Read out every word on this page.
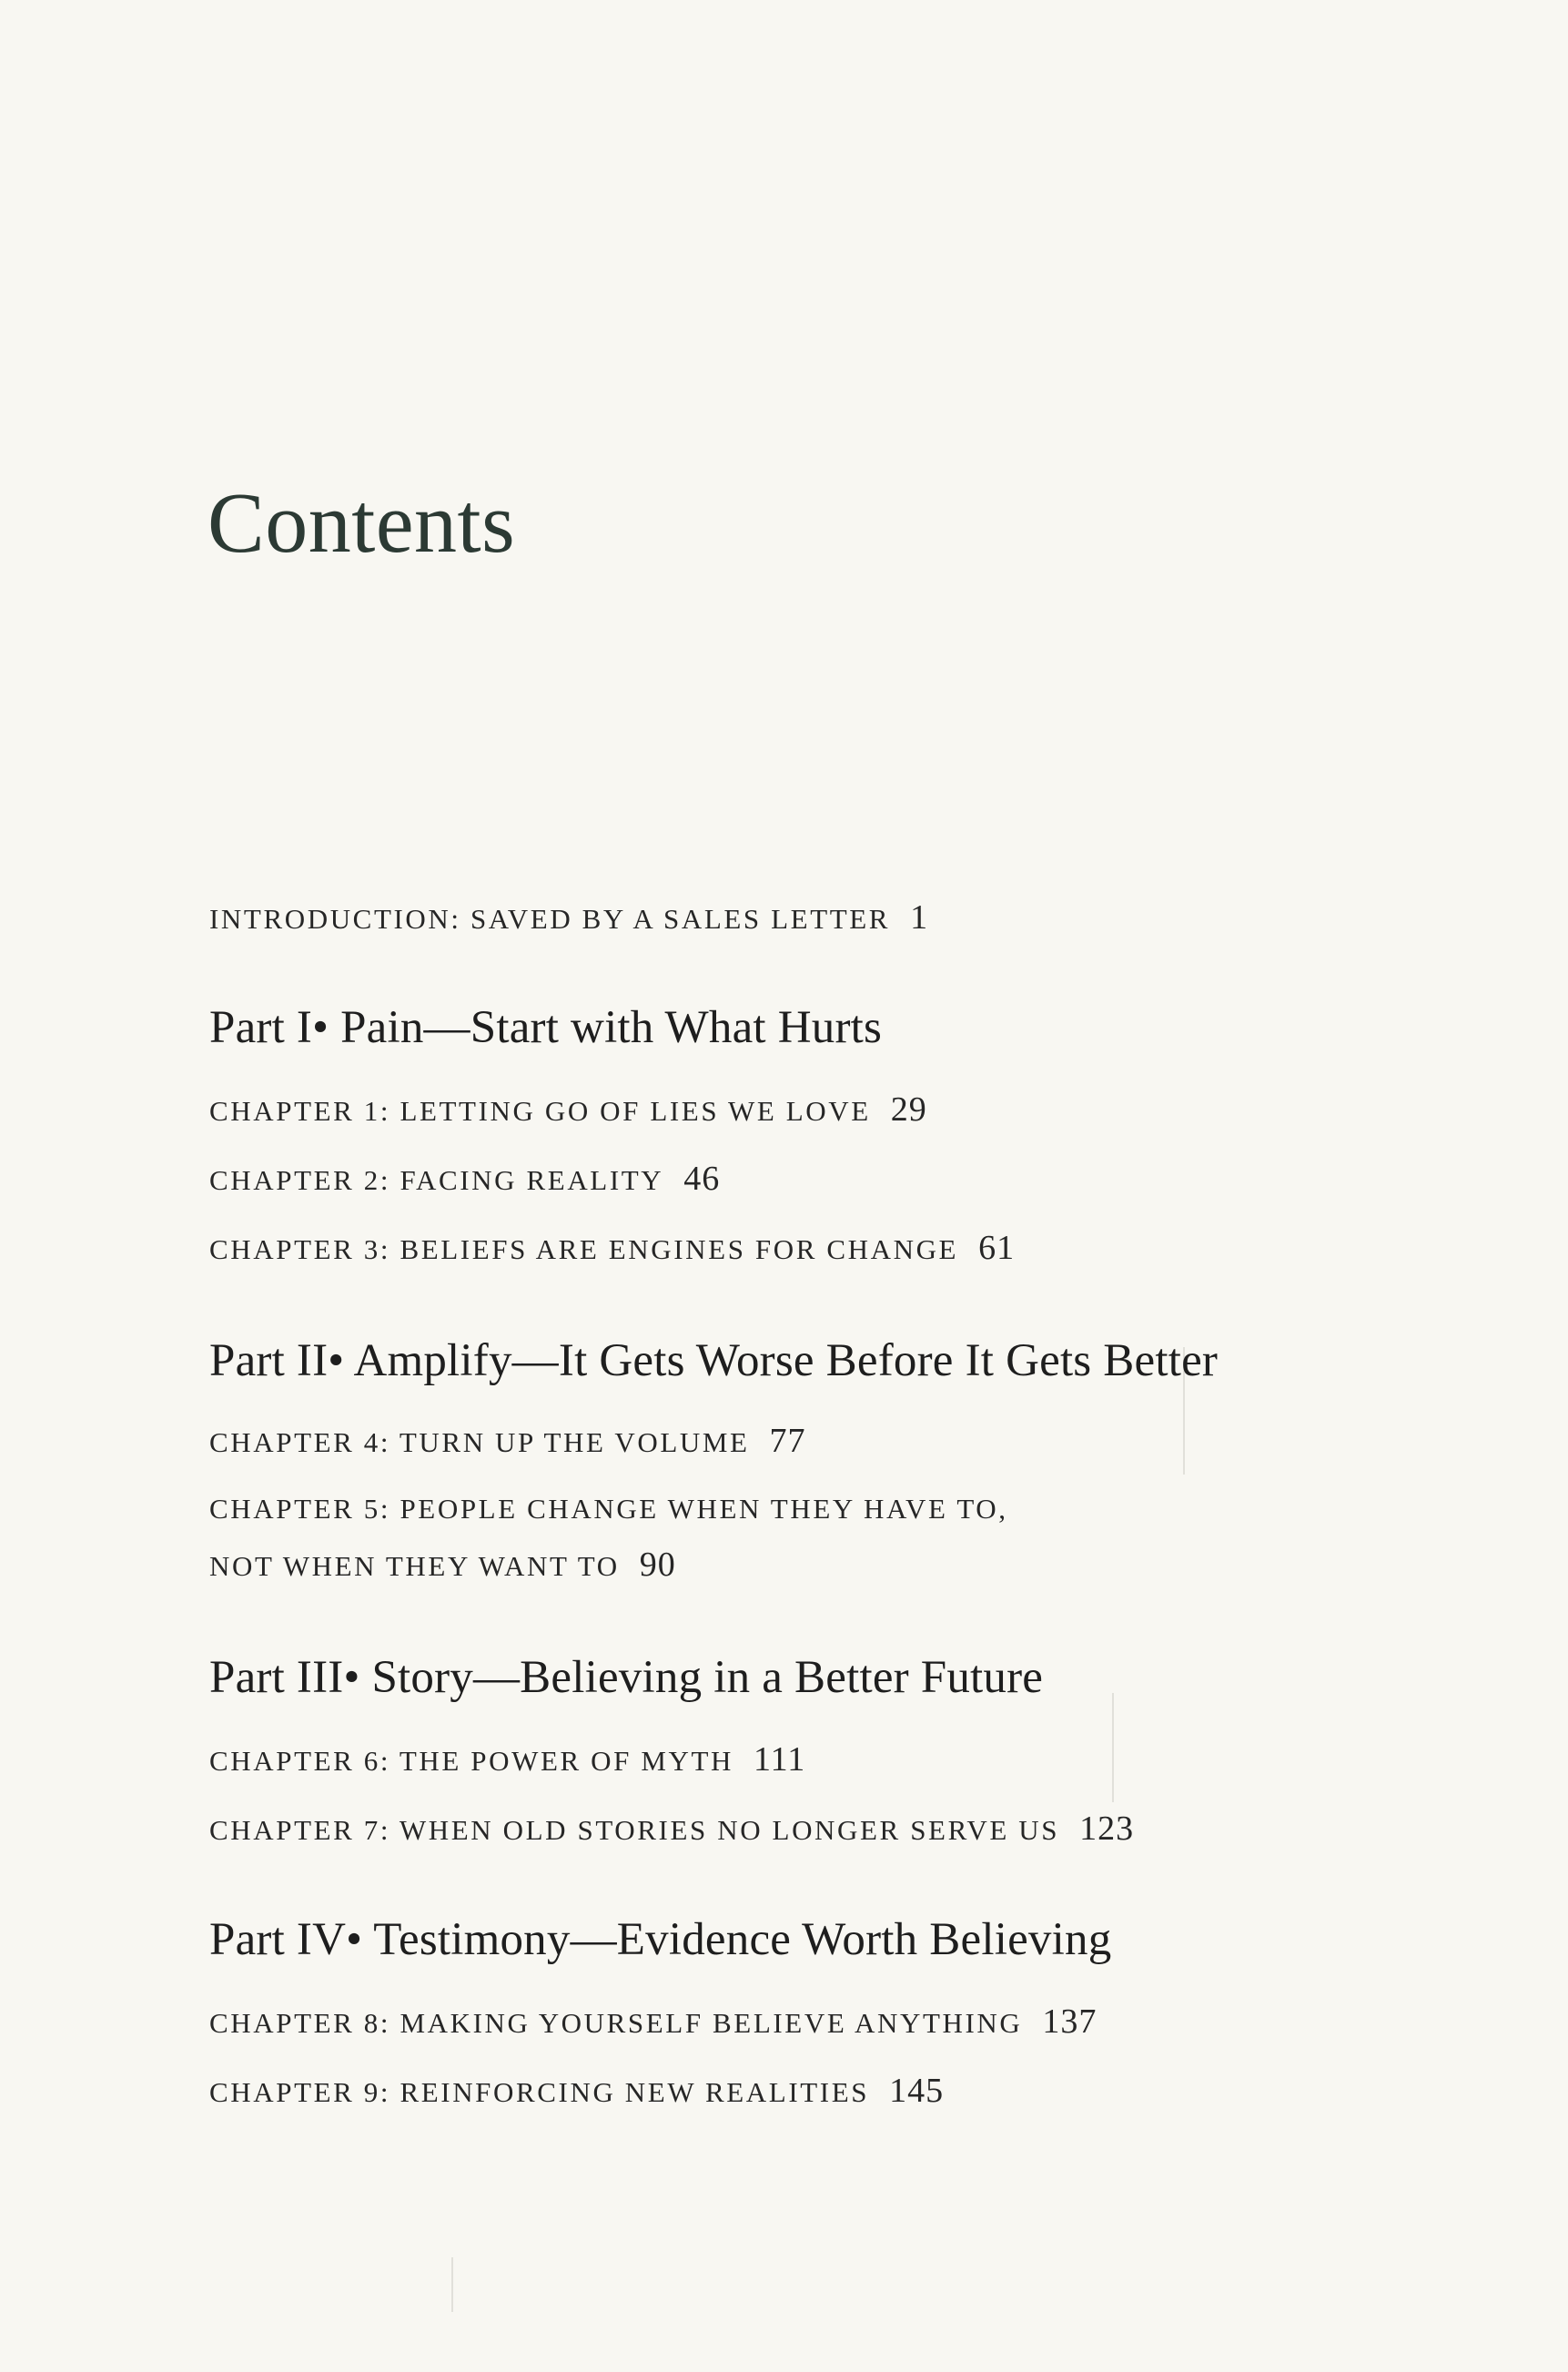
Contents
INTRODUCTION: SAVED BY A SALES LETTER 1
Part I• Pain—Start with What Hurts
CHAPTER 1: LETTING GO OF LIES WE LOVE 29
CHAPTER 2: FACING REALITY 46
CHAPTER 3: BELIEFS ARE ENGINES FOR CHANGE 61
Part II• Amplify—It Gets Worse Before It Gets Better
CHAPTER 4: TURN UP THE VOLUME 77
CHAPTER 5: PEOPLE CHANGE WHEN THEY HAVE TO,
NOT WHEN THEY WANT TO 90
Part III• Story—Believing in a Better Future
CHAPTER 6: THE POWER OF MYTH 111
CHAPTER 7: WHEN OLD STORIES NO LONGER SERVE US 123
Part IV• Testimony—Evidence Worth Believing
CHAPTER 8: MAKING YOURSELF BELIEVE ANYTHING 137
CHAPTER 9: REINFORCING NEW REALITIES 145
